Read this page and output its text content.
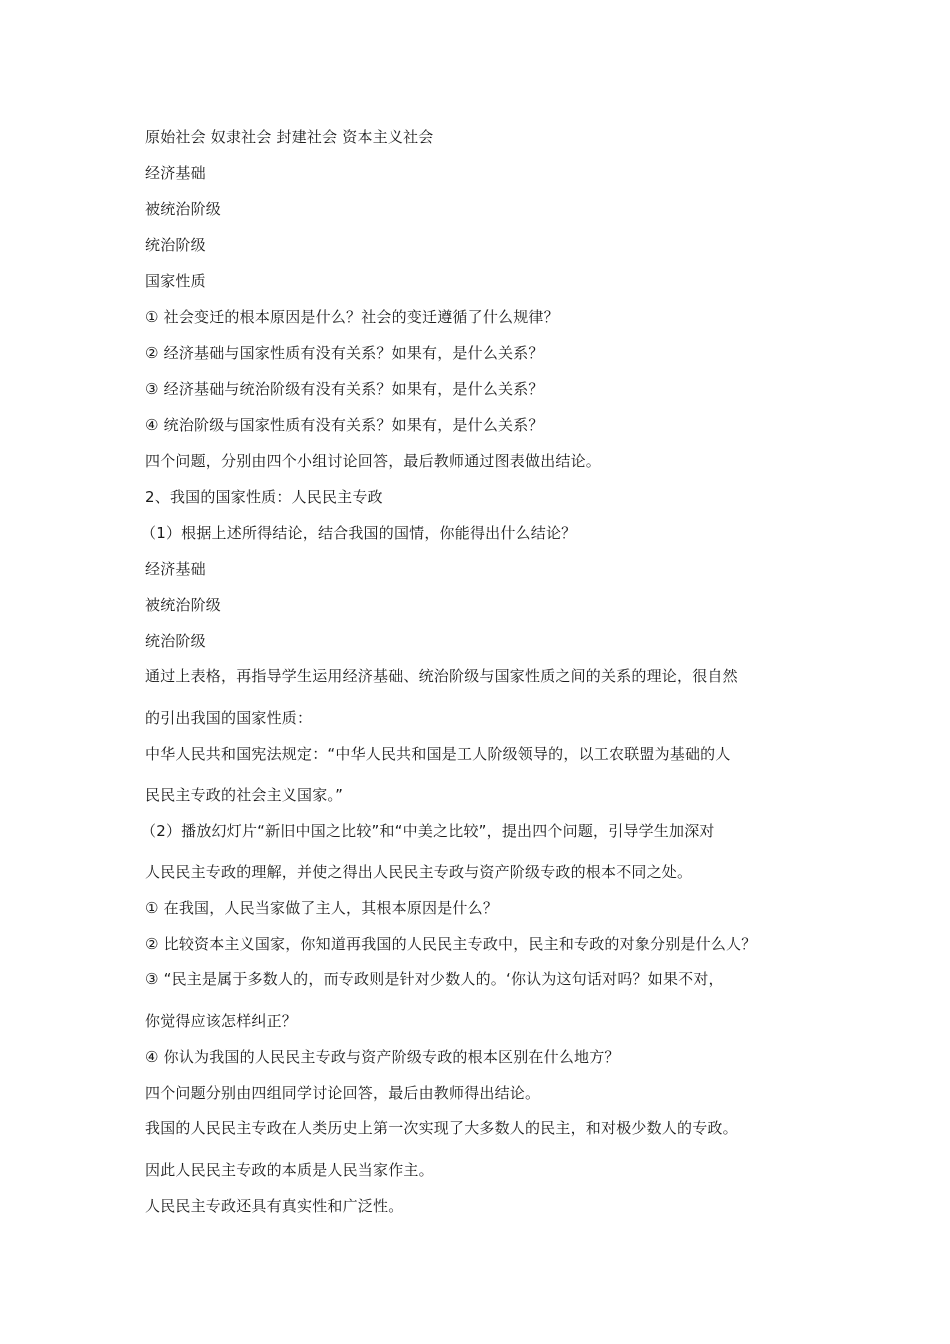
原始社会 奴隶社会 封建社会 资本主义社会
经济基础
被统治阶级
统治阶级
国家性质
① 社会变迁的根本原因是什么？社会的变迁遵循了什么规律？
② 经济基础与国家性质有没有关系？如果有，是什么关系？
③ 经济基础与统治阶级有没有关系？如果有，是什么关系？
④ 统治阶级与国家性质有没有关系？如果有，是什么关系？
四个问题，分别由四个小组讨论回答，最后教师通过图表做出结论。
2、我国的国家性质：人民民主专政
（1）根据上述所得结论，结合我国的国情，你能得出什么结论？
经济基础
被统治阶级
统治阶级
通过上表格，再指导学生运用经济基础、统治阶级与国家性质之间的关系的理论，很自然
的引出我国的国家性质：
中华人民共和国宪法规定：“中华人民共和国是工人阶级领导的，以工农联盟为基础的人
民民主专政的社会主义国家。”
（2）播放幻灯片“新旧中国之比较”和“中美之比较”，提出四个问题，引导学生加深对
人民民主专政的理解，并使之得出人民民主专政与资产阶级专政的根本不同之处。
① 在我国，人民当家做了主人，其根本原因是什么？
② 比较资本主义国家，你知道再我国的人民民主专政中，民主和专政的对象分别是什么人？
③ “民主是属于多数人的，而专政则是针对少数人的。‘你认为这句话对吗？如果不对，
你觉得应该怎样纠正？
④ 你认为我国的人民民主专政与资产阶级专政的根本区别在什么地方？
四个问题分别由四组同学讨论回答，最后由教师得出结论。
我国的人民民主专政在人类历史上第一次实现了大多数人的民主，和对极少数人的专政。
因此人民民主专政的本质是人民当家作主。
人民民主专政还具有真实性和广泛性。
